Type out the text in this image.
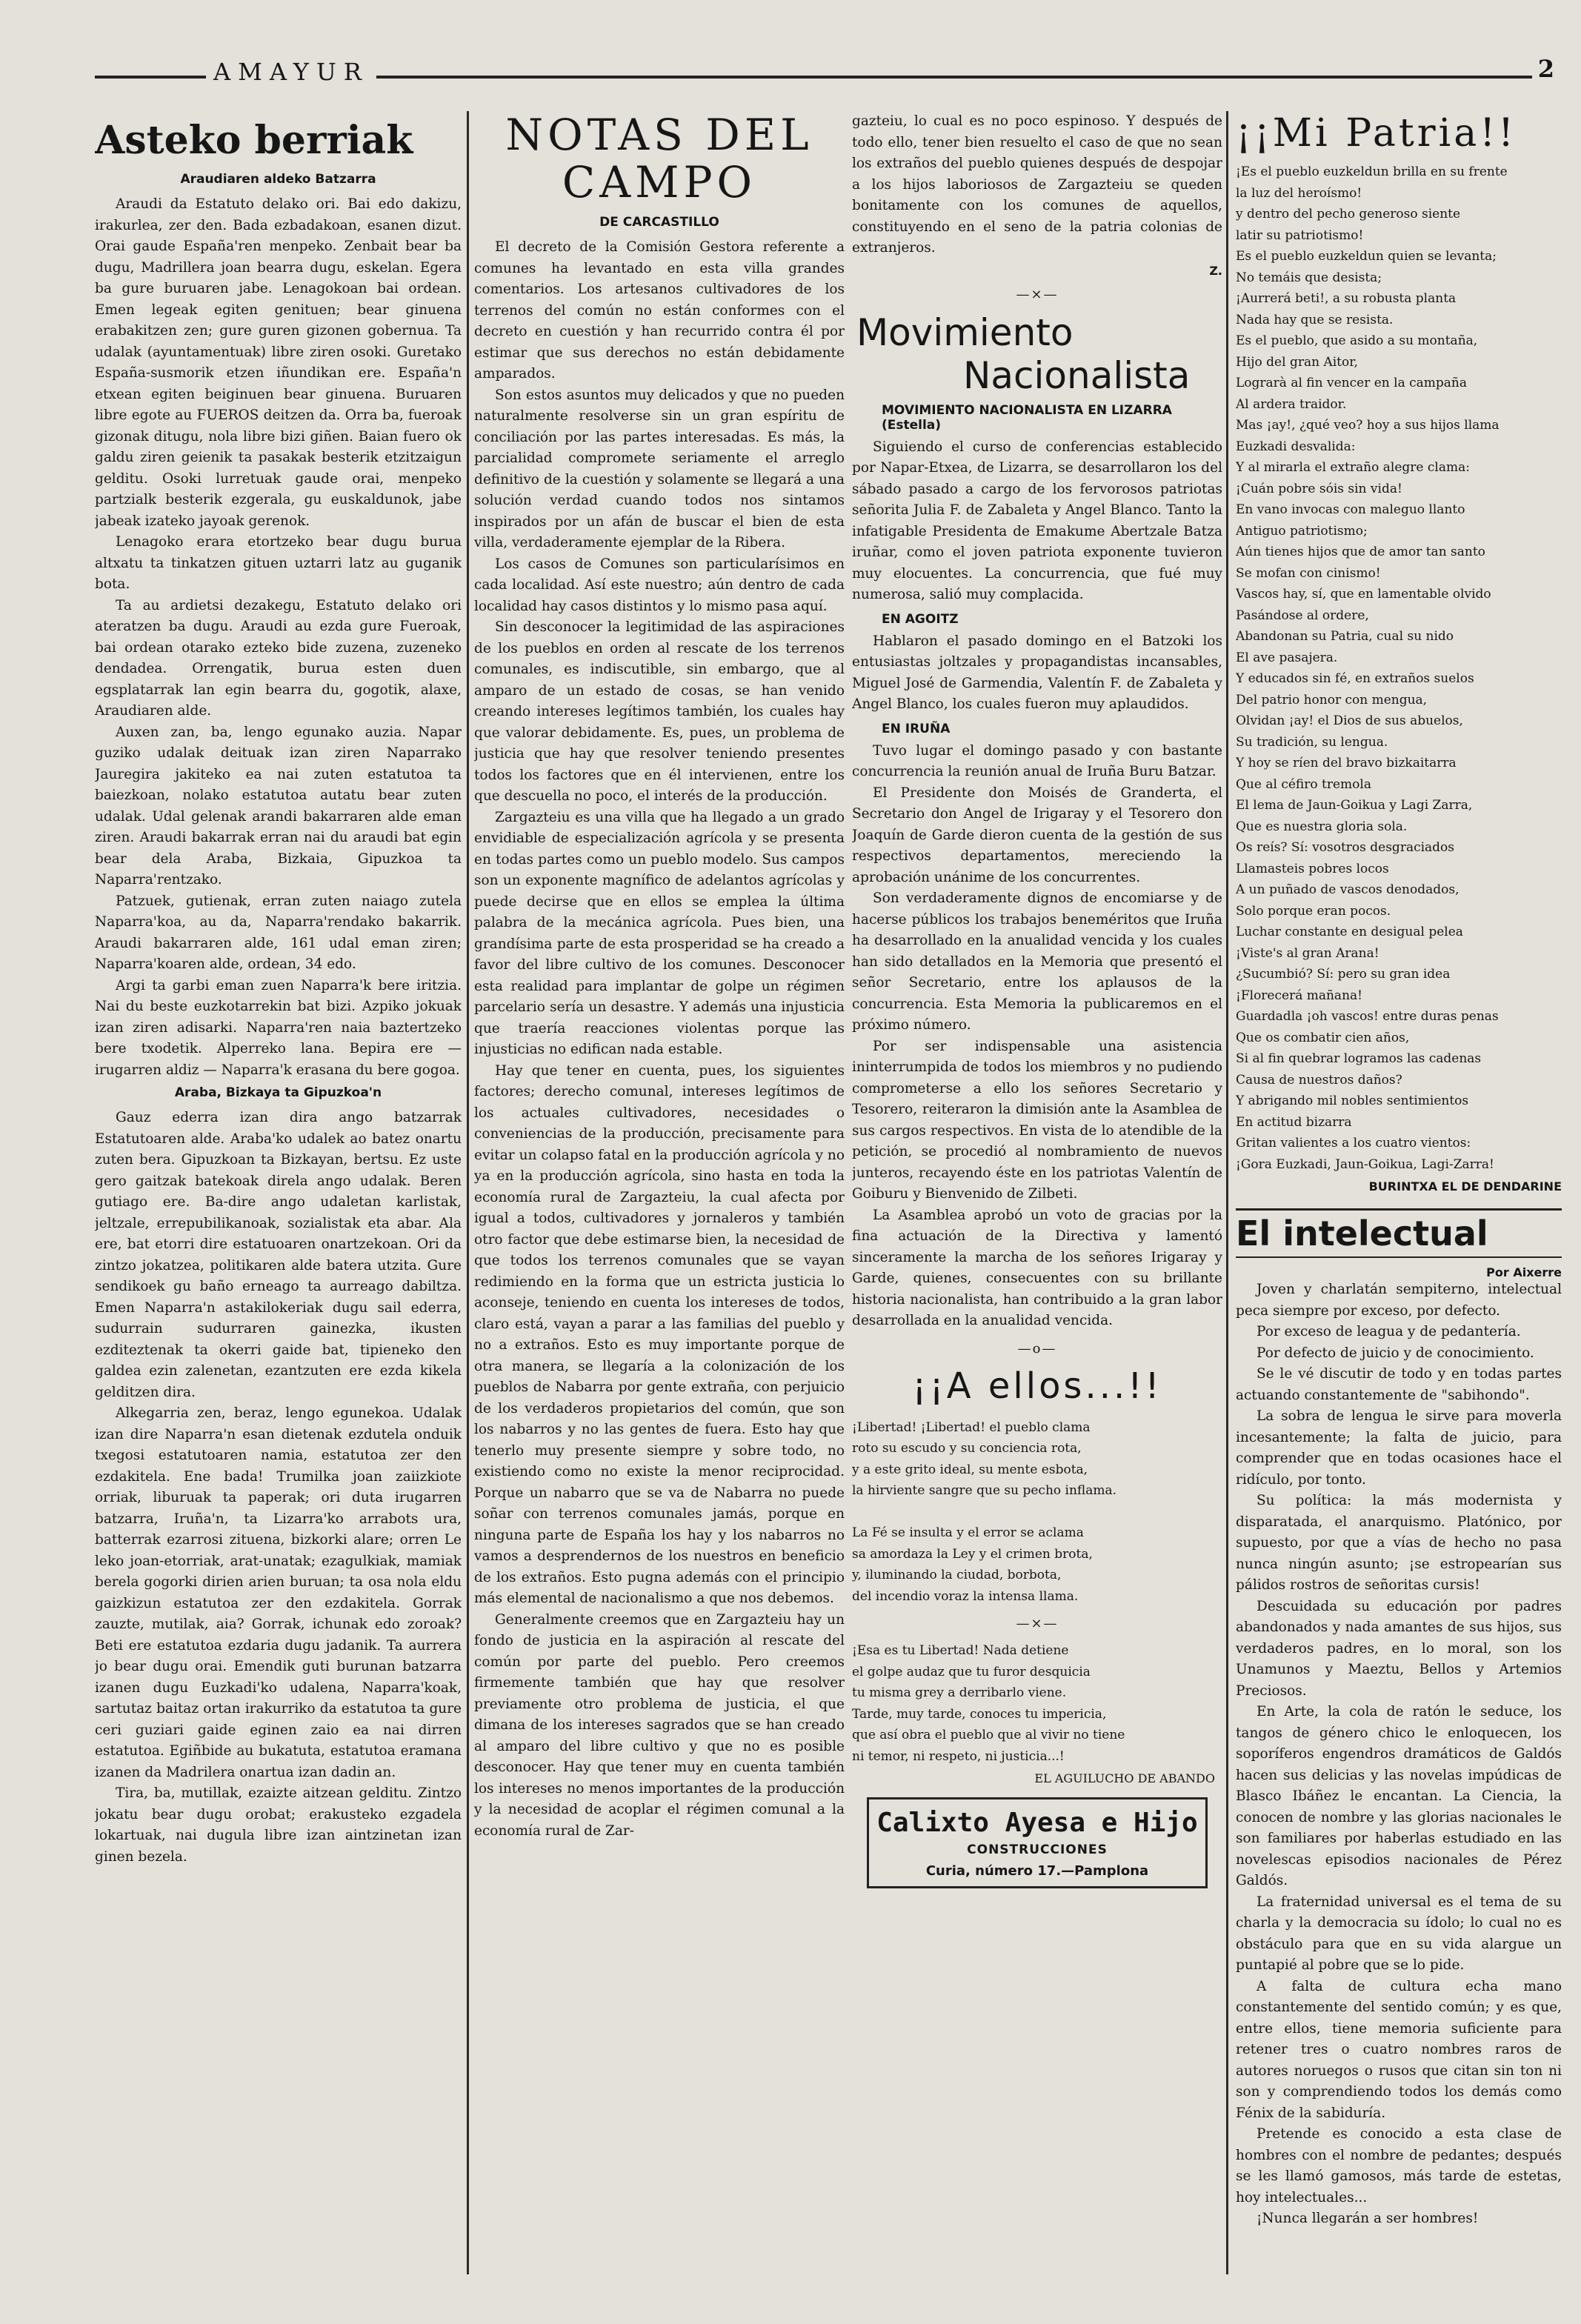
AMAYUR	2
Asteko berriak
Araudiaren aldeko Batzarra

Araudi da Estatuto delako ori. Bai edo dakizu, irakurlea, zer den. Bada ezbadakoan, esanen dizut. Orai gaude España'ren menpeko. Zenbait bear ba dugu, Madrillera joan bearra dugu, eskelan. Egera ba gure buruaren jabe. Lenagokoan bai ordean. Emen legeak egiten genituen; bear ginuena erabakitzen zen; gure guren gizonen gobernua. Ta udalak (ayuntamentuak) libre ziren osoki. Guretako España-susmorik etzen iñundikan ere. España'n etxean egiten beiginuen bear ginuena. Buruaren libre egote au FUEROS deitzen da. Orra ba, fueroak gizonak ditugu, nola libre bizi giñen. Baian fuero ok galdu ziren geienik ta pasakak besterik etzitzaigun gelditu. Osoki lurretuak gaude orai, menpeko partzialk besterik ezgerala, gu euskaldunok, jabe jabeak izateko jayoak gerenok.

Lenagoko erara etortzeko bear dugu burua altxatu ta tinkatzen gituen uztarri latz au guganik bota.

Ta au ardietsi dezakegu, Estatuto delako ori ateratzen ba dugu. Araudi au ezda gure Fueroak, bai ordean otarako ezteko bide zuzena, zuzeneko dendadea. Orrengatik, burua esten duen egsplatarrak lan egin bearra du, gogotik, alaxe, Araudiaren alde.

Auxen zan, ba, lengo egunako auzia. Napar guziko udalak deituak izan ziren Naparrako Jauregira jakiteko ea nai zuten estatutoa ta baiezkoan, nolako estatutoa autatu bear zuten udalak. Udal gelenak arandi bakarraren alde eman ziren. Araudi bakarrak erran nai du araudi bat egin bear dela Araba, Bizkaia, Gipuzkoa ta Naparra'rentzako.

Patzuek, gutienak, erran zuten naiago zutela Naparra'koa, au da, Naparra'rendako bakarrik. Araudi bakarraren alde, 161 udal eman ziren; Naparra'koaren alde, ordean, 34 edo.

Argi ta garbi eman zuen Naparra'k bere iritzia. Nai du beste euzkotarrekin bat bizi. Azpiko jokuak izan ziren adisarki. Naparra'ren naia baztertzeko bere txodetik. Alperreko lana. Bepira ere — irugarren aldiz — Naparra'k erasana du bere gogoa.

Araba, Bizkaya ta Gipuzkoa'n

Gauz ederra izan dira ango batzarrak Estatutoaren alde. Araba'ko udalek ao batez onartu zuten bera. Gipuzkoan ta Bizkayan, bertsu. Ez uste gero gaitzak batekoak direla ango udalak. Beren gutiago ere. Ba-dire ango udaletan karlistak, jeltzale, errepubilikanoak, sozialistak eta abar. Ala ere, bat etorri dire estatuoaren onartzekoan. Ori da zintzo jokatzea, politikaren alde batera utzita. Gure sendikoek gu baño erneago ta aurreago dabiltza. Emen Naparra'n astakilokeriak dugu sail ederra, sudurrain sudurraren gainezka, ikusten ezditeztenak ta okerri gaide bat, tipieneko den galdea ezin zalenetan, ezantzuten ere ezda kikela gelditzen dira.

Alkegarria zen, beraz, lengo egunekoa. Udalak izan dire Naparra'n esan dietenak ezdutela onduik txegosi estatutoaren namia, estatutoa zer den ezdakitela. Ene bada! Trumilka joan zaiizkiote orriak, liburuak ta paperak; ori duta irugarren batzarra, Iruña'n, ta Lizarra'ko arrabots ura, batterrak ezarrosi zituena, bizkorki alare; orren Le leko joan-etorriak, arat-unatak; ezagulkiak, mamiak berela gogorki dirien arien buruan; ta osa nola eldu gaizkizun estatutoa zer den ezdakitela. Gorrak zauzte, mutilak, aia? Gorrak, ichunak edo zoroak? Beti ere estatutoa ezdaria dugu jadanik. Ta aurrera jo bear dugu orai. Emendik guti burunan batzarra izanen dugu Euzkadi'ko udalena, Naparra'koak, sartutaz baitaz ortan irakurriko da estatutoa ta gure ceri guziari gaide eginen zaio ea nai dirren estatutoa. Egiñbide au bukatuta, estatutoa eramana izanen da Madrilera onartua izan dadin an.

Tira, ba, mutillak, ezaizte aitzean gelditu. Zintzo jokatu bear dugu orobat; erakusteko ezgadela lokartuak, nai dugula libre izan aintzinetan izan ginen bezela.

NOTAS DEL CAMPO
DE CARCASTILLO

El decreto de la Comisión Gestora referente a comunes ha levantado en esta villa grandes comentarios. Los artesanos cultivadores de los terrenos del común no están conformes con el decreto en cuestión y han recurrido contra él por estimar que sus derechos no están debidamente amparados.

Son estos asuntos muy delicados y que no pueden naturalmente resolverse sin un gran espíritu de conciliación por las partes interesadas. Es más, la parcialidad compromete seriamente el arreglo definitivo de la cuestión y solamente se llegará a una solución verdad cuando todos nos sintamos inspirados por un afán de buscar el bien de esta villa, verdaderamente ejemplar de la Ribera.

Los casos de Comunes son particularísimos en cada localidad. Así este nuestro; aún dentro de cada localidad hay casos distintos y lo mismo pasa aquí.

Sin desconocer la legitimidad de las aspiraciones de los pueblos en orden al rescate de los terrenos comunales, es indiscutible, sin embargo, que al amparo de un estado de cosas, se han venido creando intereses legítimos también, los cuales hay que valorar debidamente. Es, pues, un problema de justicia que hay que resolver teniendo presentes todos los factores que en él intervienen, entre los que descuella no poco, el interés de la producción.

Zargazteiu es una villa que ha llegado a un grado envidiable de especialización agrícola y se presenta en todas partes como un pueblo modelo. Sus campos son un exponente magnífico de adelantos agrícolas y puede decirse que en ellos se emplea la última palabra de la mecánica agrícola. Pues bien, una grandísima parte de esta prosperidad se ha creado a favor del libre cultivo de los comunes. Desconocer esta realidad para implantar de golpe un régimen parcelario sería un desastre. Y además una injusticia que traería reacciones violentas porque las injusticias no edifican nada estable.

Hay que tener en cuenta, pues, los siguientes factores; derecho comunal, intereses legítimos de los actuales cultivadores, necesidades o conveniencias de la producción, precisamente para evitar un colapso fatal en la producción agrícola y no ya en la producción agrícola, sino hasta en toda la economía rural de Zargazteiu, la cual afecta por igual a todos, cultivadores y jornaleros y también otro factor que debe estimarse bien, la necesidad de que todos los terrenos comunales que se vayan redimiendo en la forma que un estricta justicia lo aconseje, teniendo en cuenta los intereses de todos, claro está, vayan a parar a las familias del pueblo y no a extraños. Esto es muy importante porque de otra manera, se llegaría a la colonización de los pueblos de Nabarra por gente extraña, con perjuicio de los verdaderos propietarios del común, que son los nabarros y no las gentes de fuera. Esto hay que tenerlo muy presente siempre y sobre todo, no existiendo como no existe la menor reciprocidad. Porque un nabarro que se va de Nabarra no puede soñar con terrenos comunales jamás, porque en ninguna parte de España los hay y los nabarros no vamos a desprendernos de los nuestros en beneficio de los extraños. Esto pugna además con el principio más elemental de nacionalismo a que nos debemos.

Generalmente creemos que en Zargazteiu hay un fondo de justicia en la aspiración al rescate del común por parte del pueblo. Pero creemos firmemente también que hay que resolver previamente otro problema de justicia, el que dimana de los intereses sagrados que se han creado al amparo del libre cultivo y que no es posible desconocer. Hay que tener muy en cuenta también los intereses no menos importantes de la producción y la necesidad de acoplar el régimen comunal a la economía rural de Zar-

gazteiu, lo cual es no poco espinoso. Y después de todo ello, tener bien resuelto el caso de que no sean los extraños del pueblo quienes después de despojar a los hijos laboriosos de Zargazteiu se queden bonitamente con los comunes de aquellos, constituyendo en el seno de la patria colonias de extranjeros.

Z.
—×—
Movimiento
Nacionalista
MOVIMIENTO NACIONALISTA EN LIZARRA (Estella)

Siguiendo el curso de conferencias establecido por Napar-Etxea, de Lizarra, se desarrollaron los del sábado pasado a cargo de los fervorosos patriotas señorita Julia F. de Zabaleta y Angel Blanco. Tanto la infatigable Presidenta de Emakume Abertzale Batza iruñar, como el joven patriota exponente tuvieron muy elocuentes. La concurrencia, que fué muy numerosa, salió muy complacida.

EN AGOITZ

Hablaron el pasado domingo en el Batzoki los entusiastas joltzales y propagandistas incansables, Miguel José de Garmendia, Valentín F. de Zabaleta y Angel Blanco, los cuales fueron muy aplaudidos.

EN IRUÑA

Tuvo lugar el domingo pasado y con bastante concurrencia la reunión anual de Iruña Buru Batzar.

El Presidente don Moisés de Granderta, el Secretario don Angel de Irigaray y el Tesorero don Joaquín de Garde dieron cuenta de la gestión de sus respectivos departamentos, mereciendo la aprobación unánime de los concurrentes.

Son verdaderamente dignos de encomiarse y de hacerse públicos los trabajos beneméritos que Iruña ha desarrollado en la anualidad vencida y los cuales han sido detallados en la Memoria que presentó el señor Secretario, entre los aplausos de la concurrencia. Esta Memoria la publicaremos en el próximo número.

Por ser indispensable una asistencia ininterrumpida de todos los miembros y no pudiendo comprometerse a ello los señores Secretario y Tesorero, reiteraron la dimisión ante la Asamblea de sus cargos respectivos. En vista de lo atendible de la petición, se procedió al nombramiento de nuevos junteros, recayendo éste en los patriotas Valentín de Goiburu y Bienvenido de Zilbeti.

La Asamblea aprobó un voto de gracias por la fina actuación de la Directiva y lamentó sinceramente la marcha de los señores Irigaray y Garde, quienes, consecuentes con su brillante historia nacionalista, han contribuido a la gran labor desarrollada en la anualidad vencida.

—o—
¡¡A ellos...!!

¡Libertad! ¡Libertad! el pueblo clama
roto su escudo y su conciencia rota,
y a este grito ideal, su mente esbota,
la hirviente sangre que su pecho inflama.

La Fé se insulta y el error se aclama
sa amordaza la Ley y el crimen brota,
y, iluminando la ciudad, borbota,
del incendio voraz la intensa llama.

—×—

¡Esa es tu Libertad! Nada detiene
el golpe audaz que tu furor desquicia
tu misma grey a derribarlo viene.
Tarde, muy tarde, conoces tu impericia,
que así obra el pueblo que al vivir no tiene
ni temor, ni respeto, ni justicia...!

EL AGUILUCHO DE ABANDO
Calixto Ayesa e Hijo
CONSTRUCCIONES
Curia, número 17.—Pamplona
¡¡Mi Patria!!

¡Es el pueblo euzkeldun brilla en su frente
la luz del heroísmo!
y dentro del pecho generoso siente
latir su patriotismo!
Es el pueblo euzkeldun quien se levanta;
No temáis que desista;
¡Aurrerá beti!, a su robusta planta
Nada hay que se resista.
Es el pueblo, que asido a su montaña,
Hijo del gran Aitor,
Lograrà al fin vencer en la campaña
Al ardera traidor.
Mas ¡ay!, ¿qué veo? hoy a sus hijos llama
Euzkadi desvalida:
Y al mirarla el extraño alegre clama:
¡Cuán pobre sóis sin vida!
En vano invocas con maleguo llanto
Antiguo patriotismo;
Aún tienes hijos que de amor tan santo
Se mofan con cinismo!
Vascos hay, sí, que en lamentable olvido
Pasándose al ordere,
Abandonan su Patria, cual su nido
El ave pasajera.
Y educados sin fé, en extraños suelos
Del patrio honor con mengua,
Olvidan ¡ay! el Dios de sus abuelos,
Su tradición, su lengua.
Y hoy se ríen del bravo bizkaitarra
Que al céfiro tremola
El lema de Jaun-Goikua y Lagi Zarra,
Que es nuestra gloria sola.
Os reís? Sí: vosotros desgraciados
Llamasteis pobres locos
A un puñado de vascos denodados,
Solo porque eran pocos.
Luchar constante en desigual pelea
¡Viste's al gran Arana!
¿Sucumbió? Sí: pero su gran idea
¡Florecerá mañana!
Guardadla ¡oh vascos! entre duras penas
Que os combatir cien años,
Si al fin quebrar logramos las cadenas
Causa de nuestros daños?
Y abrigando mil nobles sentimientos
En actitud bizarra
Gritan valientes a los cuatro vientos:
¡Gora Euzkadi, Jaun-Goikua, Lagi-Zarra!

BURINTXA EL DE DENDARINE
El intelectual
Por Aixerre

Joven y charlatán sempiterno, intelectual peca siempre por exceso, por defecto.

Por exceso de leagua y de pedantería.

Por defecto de juicio y de conocimiento.

Se le vé discutir de todo y en todas partes actuando constantemente de "sabihondo".

La sobra de lengua le sirve para moverla incesantemente; la falta de juicio, para comprender que en todas ocasiones hace el ridículo, por tonto.

Su política: la más modernista y disparatada, el anarquismo. Platónico, por supuesto, por que a vías de hecho no pasa nunca ningún asunto; ¡se estropearían sus pálidos rostros de señoritas cursis!

Descuidada su educación por padres abandonados y nada amantes de sus hijos, sus verdaderos padres, en lo moral, son los Unamunos y Maeztu, Bellos y Artemios Preciosos.

En Arte, la cola de ratón le seduce, los tangos de género chico le enloquecen, los soporíferos engendros dramáticos de Galdós hacen sus delicias y las novelas impúdicas de Blasco Ibáñez le encantan. La Ciencia, la conocen de nombre y las glorias nacionales le son familiares por haberlas estudiado en las novelescas episodios nacionales de Pérez Galdós.

La fraternidad universal es el tema de su charla y la democracia su ídolo; lo cual no es obstáculo para que en su vida alargue un puntapié al pobre que se lo pide.

A falta de cultura echa mano constantemente del sentido común; y es que, entre ellos, tiene memoria suficiente para retener tres o cuatro nombres raros de autores noruegos o rusos que citan sin ton ni son y comprendiendo todos los demás como Fénix de la sabiduría.

Pretende es conocido a esta clase de hombres con el nombre de pedantes; después se les llamó gamosos, más tarde de estetas, hoy intelectuales...

¡Nunca llegarán a ser hombres!
